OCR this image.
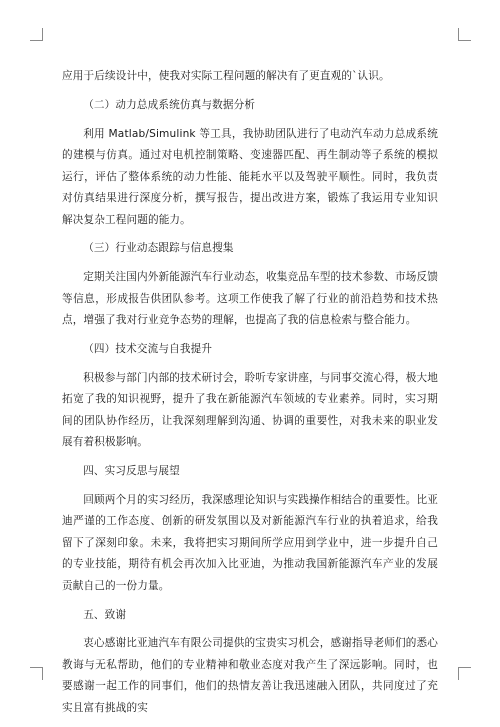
应用于后续设计中，使我对实际工程问题的解决有了更直观的`认识。

（二）动力总成系统仿真与数据分析

利用 Matlab/Simulink 等工具，我协助团队进行了电动汽车动力总成系统的建模与仿真。通过对电机控制策略、变速器匹配、再生制动等子系统的模拟运行，评估了整体系统的动力性能、能耗水平以及驾驶平顺性。同时，我负责对仿真结果进行深度分析，撰写报告，提出改进方案，锻炼了我运用专业知识解决复杂工程问题的能力。

（三）行业动态跟踪与信息搜集

定期关注国内外新能源汽车行业动态，收集竞品车型的技术参数、市场反馈等信息，形成报告供团队参考。这项工作使我了解了行业的前沿趋势和技术热点，增强了我对行业竞争态势的理解，也提高了我的信息检索与整合能力。

（四）技术交流与自我提升

积极参与部门内部的技术研讨会，聆听专家讲座，与同事交流心得，极大地拓宽了我的知识视野，提升了我在新能源汽车领域的专业素养。同时，实习期间的团队协作经历，让我深刻理解到沟通、协调的重要性，对我未来的职业发展有着积极影响。

四、实习反思与展望

回顾两个月的实习经历，我深感理论知识与实践操作相结合的重要性。比亚迪严谨的工作态度、创新的研发氛围以及对新能源汽车行业的执着追求，给我留下了深刻印象。未来，我将把实习期间所学应用到学业中，进一步提升自己的专业技能，期待有机会再次加入比亚迪，为推动我国新能源汽车产业的发展贡献自己的一份力量。

五、致谢

衷心感谢比亚迪汽车有限公司提供的宝贵实习机会，感谢指导老师们的悉心教诲与无私帮助，他们的专业精神和敬业态度对我产生了深远影响。同时，也要感谢一起工作的同事们，他们的热情友善让我迅速融入团队，共同度过了充实且富有挑战的实
